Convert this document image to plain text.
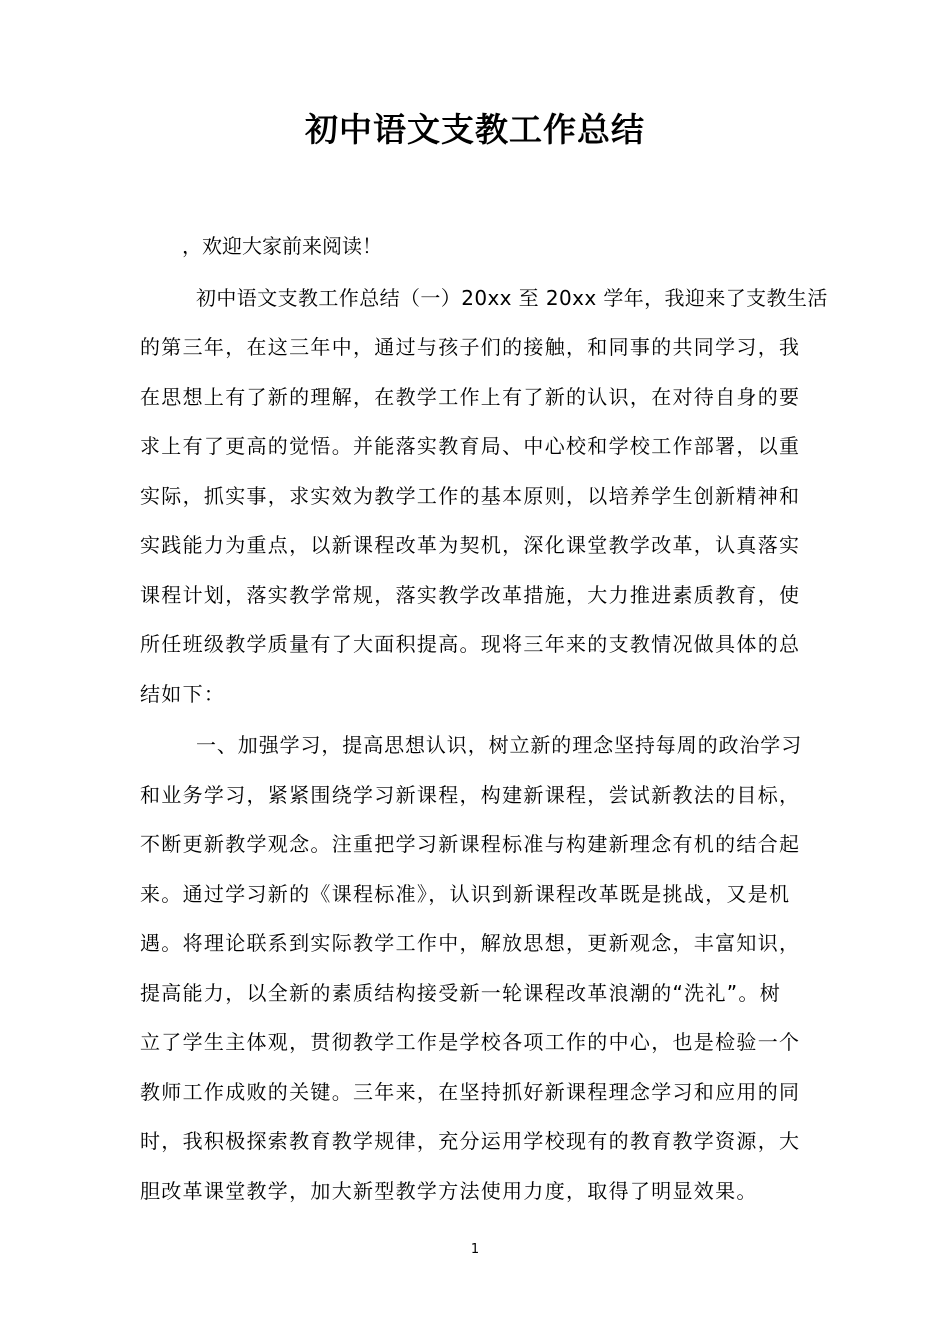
初中语文支教工作总结
，欢迎大家前来阅读！
初中语文支教工作总结（一）20xx 至 20xx 学年，我迎来了支教生活
的第三年，在这三年中，通过与孩子们的接触，和同事的共同学习，我
在思想上有了新的理解，在教学工作上有了新的认识，在对待自身的要
求上有了更高的觉悟。并能落实教育局、中心校和学校工作部署，以重
实际，抓实事，求实效为教学工作的基本原则，以培养学生创新精神和
实践能力为重点，以新课程改革为契机，深化课堂教学改革，认真落实
课程计划，落实教学常规，落实教学改革措施，大力推进素质教育，使
所任班级教学质量有了大面积提高。现将三年来的支教情况做具体的总
结如下：
一、加强学习，提高思想认识，树立新的理念坚持每周的政治学习
和业务学习，紧紧围绕学习新课程，构建新课程，尝试新教法的目标，
不断更新教学观念。注重把学习新课程标准与构建新理念有机的结合起
来。通过学习新的《课程标准》，认识到新课程改革既是挑战，又是机
遇。将理论联系到实际教学工作中，解放思想，更新观念，丰富知识，
提高能力，以全新的素质结构接受新一轮课程改革浪潮的“洗礼”。树
立了学生主体观，贯彻教学工作是学校各项工作的中心，也是检验一个
教师工作成败的关键。三年来，在坚持抓好新课程理念学习和应用的同
时，我积极探索教育教学规律，充分运用学校现有的教育教学资源，大
胆改革课堂教学，加大新型教学方法使用力度，取得了明显效果。
1
